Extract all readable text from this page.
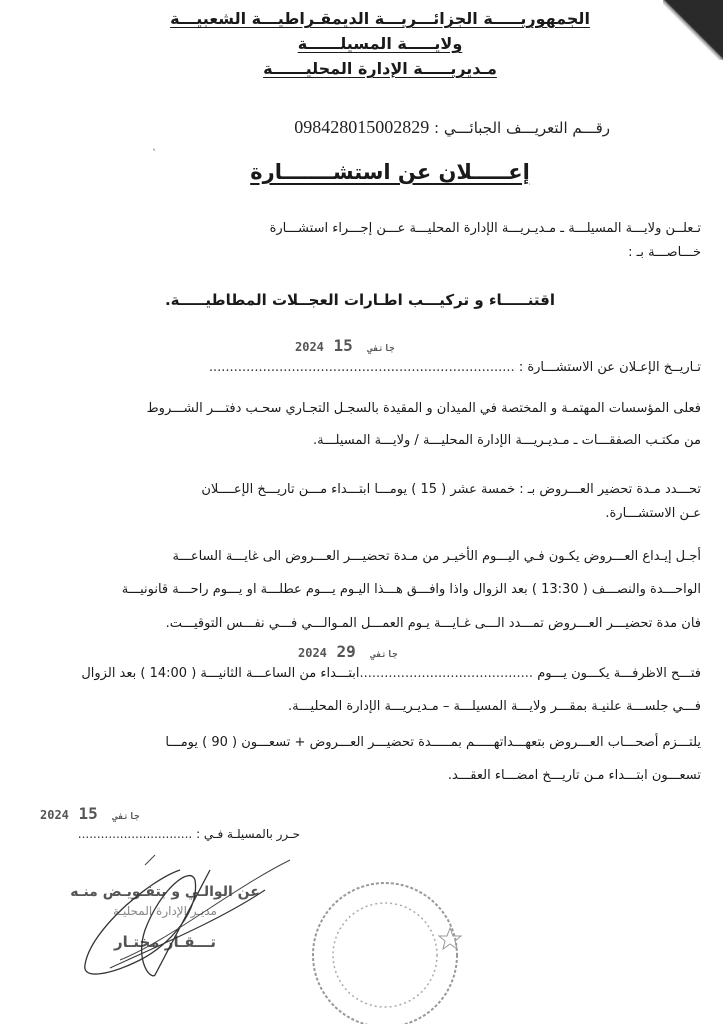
الجمهوريـــــة الجزائـــريـــة الديمقـراطيـــة الشعبيـــة
ولايـــــة المسيلــــــة
مـديريـــــة الإدارة المحليــــــة
رقـــم التعريـــف الجبائـــي : 098428015002829
إعـــــلان عن استشـــــــارة
تـعلــن ولايـــة المسيلـــة ـ مـديـريـــة الإدارة المحليـــة عـــن إجـــراء استشـــارة
خـــاصـــة بـ :
اقتنـــــاء و تركيـــب اطـارات العجــلات المطاطيـــــة.
2024	جانفي 15
تـاريــخ الإعـلان عن الاستشـــارة : ..........................................................................
فعلى المؤسسات المهتمـة و المختصة في الميدان و المقيدة بالسجـل التجـاري سحـب دفتـــر الشـــروط
من مكتـب الصفقـــات ـ مـديـريـــة الإدارة المحليـــة / ولايـــة المسيلـــة.
تحـــدد مـدة تحضير العـــروض بـ : خمسة عشر ( 15 ) يومـــا ابتـــداء مـــن تاريـــخ الإعــــلان
عـن الاستشـــارة.
أجـل إيـداع العـــروض يكـون فـي اليـــوم الأخيـر من مـدة تحضيـــر العـــروض الى غايـــة الساعـــة
الواحـــدة والنصـــف ( 13:30 ) بعد الزوال واذا وافـــق هـــذا اليـوم يـــوم عطلـــة او يـــوم راحـــة قانونيـــة
فان مدة تحضيـــر العـــروض تمـــدد الـــى غـايـــة يـوم العمـــل المـوالـــي فـــي نفـــس التوقيـــت.
2024	جانفي 29
فتـــح الاظرفـــة يكـــون يـــوم ..........................................ابتـــداء من الساعـــة الثانيـــة ( 14:00 ) بعد الزوال
فـــي جلســـة علنيـة بمقـــر ولايـــة المسيلـــة – مـديـريـــة الإدارة المحليـــة.
يلتـــزم أصحـــاب العـــروض بتعهـــداتهـــــم بمـــــدة تحضيـــر العـــروض + تسعـــون ( 90 ) يومـــا
تسعـــون ابتـــداء مـن تاريـــخ امضـــاء العقـــد.
2024	جانفي 15
حـرر بالمسيلـة فـي : ..............................
عن الوالـي و بتفـويـض منـه
مديـر الإدارة المحليـة
تـــقـار مختـار
ˎ
